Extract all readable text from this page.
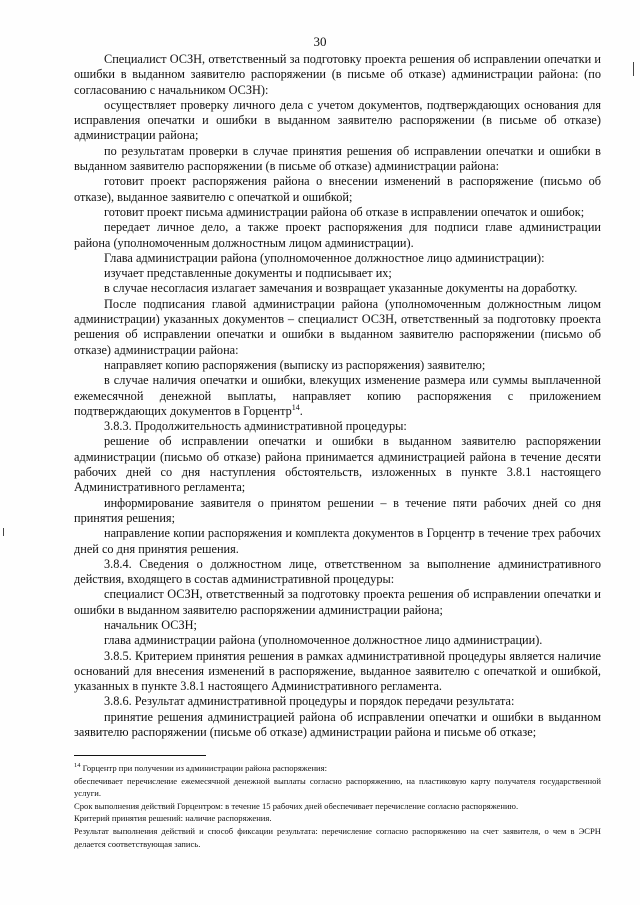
30

Специалист ОСЗН, ответственный за подготовку проекта решения об исправлении опечатки и ошибки в выданном заявителю распоряжении (в письме об отказе) администрации района: (по согласованию с начальником ОСЗН):

осуществляет проверку личного дела с учетом документов, подтверждающих основания для исправления опечатки и ошибки в выданном заявителю распоряжении (в письме об отказе) администрации района;

по результатам проверки в случае принятия решения об исправлении опечатки и ошибки в выданном заявителю распоряжении (в письме об отказе) администрации района:

готовит проект распоряжения района о внесении изменений в распоряжение (письмо об отказе), выданное заявителю с опечаткой и ошибкой;

готовит проект письма администрации района об отказе в исправлении опечаток и ошибок;

передает личное дело, а также проект распоряжения для подписи главе администрации района (уполномоченным должностным лицом администрации).

Глава администрации района (уполномоченное должностное лицо администрации):

изучает представленные документы и подписывает их;

в случае несогласия излагает замечания и возвращает указанные документы на доработку.

После подписания главой администрации района (уполномоченным должностным лицом администрации) указанных документов – специалист ОСЗН, ответственный за подготовку проекта решения об исправлении опечатки и ошибки в выданном заявителю распоряжении (письмо об отказе) администрации района:

направляет копию распоряжения (выписку из распоряжения) заявителю;

в случае наличия опечатки и ошибки, влекущих изменение размера или суммы выплаченной ежемесячной денежной выплаты, направляет копию распоряжения с приложением подтверждающих документов в Горцентр$^{14}$.

3.8.3. Продолжительность административной процедуры:

решение об исправлении опечатки и ошибки в выданном заявителю распоряжении администрации (письмо об отказе) района принимается администрацией района в течение десяти рабочих дней со дня наступления обстоятельств, изложенных в пункте 3.8.1 настоящего Административного регламента;

информирование заявителя о принятом решении – в течение пяти рабочих дней со дня принятия решения;

направление копии распоряжения и комплекта документов в Горцентр в течение трех рабочих дней со дня принятия решения.

3.8.4. Сведения о должностном лице, ответственном за выполнение административного действия, входящего в состав административной процедуры:

специалист ОСЗН, ответственный за подготовку проекта решения об исправлении опечатки и ошибки в выданном заявителю распоряжении администрации района;

начальник ОСЗН;

глава администрации района (уполномоченное должностное лицо администрации).

3.8.5. Критерием принятия решения в рамках административной процедуры является наличие оснований для внесения изменений в распоряжение, выданное заявителю с опечаткой и ошибкой, указанных в пункте 3.8.1 настоящего Административного регламента.

3.8.6. Результат административной процедуры и порядок передачи результата:

принятие решения администрацией района об исправлении опечатки и ошибки в выданном заявителю распоряжении (письме об отказе) администрации района и письме об отказе;

$^{14}$ Горцентр при получении из администрации района распоряжения:

обеспечивает перечисление ежемесячной денежной выплаты согласно распоряжению, на пластиковую карту получателя государственной услуги.

Срок выполнения действий Горцентром: в течение 15 рабочих дней обеспечивает перечисление согласно распоряжению.

Критерий принятия решений: наличие распоряжения.

Результат выполнения действий и способ фиксации результата: перечисление согласно распоряжению на счет заявителя, о чем в ЭСРН делается соответствующая запись.
